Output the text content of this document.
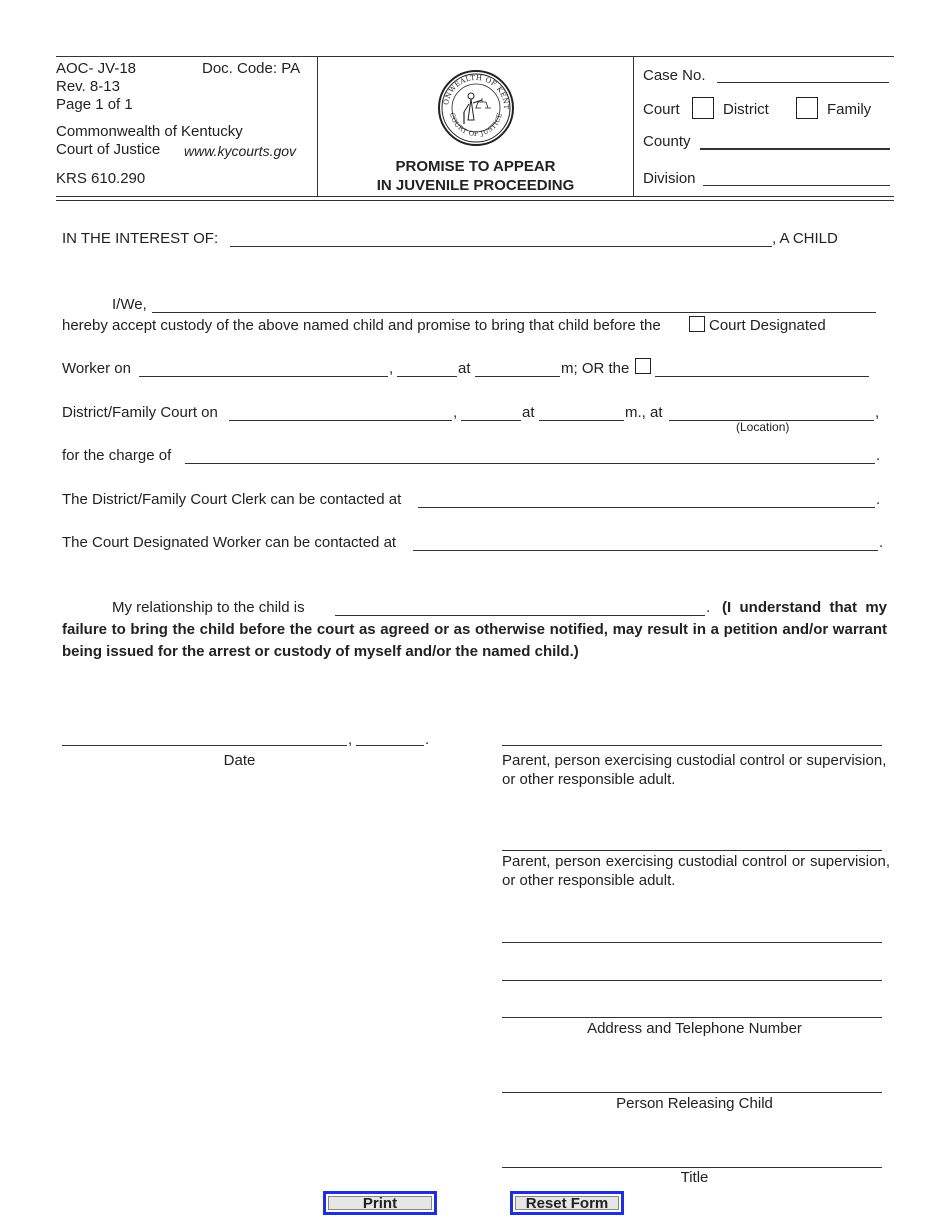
AOC- JV-18	Doc. Code: PA
Rev. 8-13
Page 1 of 1
Commonwealth of Kentucky
Court of Justice www.kycourts.gov
KRS 610.290
ONWEALTH OF KENT
COURT OF JUSTICE
PROMISE TO APPEAR
IN JUVENILE PROCEEDING
Case No.
Court	District	Family
County
Division
IN THE INTEREST OF:	, A CHILD
I/We,
hereby accept custody of the above named child and promise to bring that child before the	Court Designated
Worker on	,	at	m; OR the
District/Family Court on	,	at	m., at	,
(Location)
for the charge of	.
The District/Family Court Clerk can be contacted at	.
The Court Designated Worker can be contacted at	.
My relationship to the child is	. (I understand that my failure to bring the child before the court as agreed or as otherwise notified, may result in a petition and/or warrant being issued for the arrest or custody of myself and/or the named child.)
,	.
Date	Parent, person exercising custodial control or supervision, or other responsible adult.
Parent, person exercising custodial control or supervision, or other responsible adult.
Address and Telephone Number
Person Releasing Child
Title
Print	Reset Form
